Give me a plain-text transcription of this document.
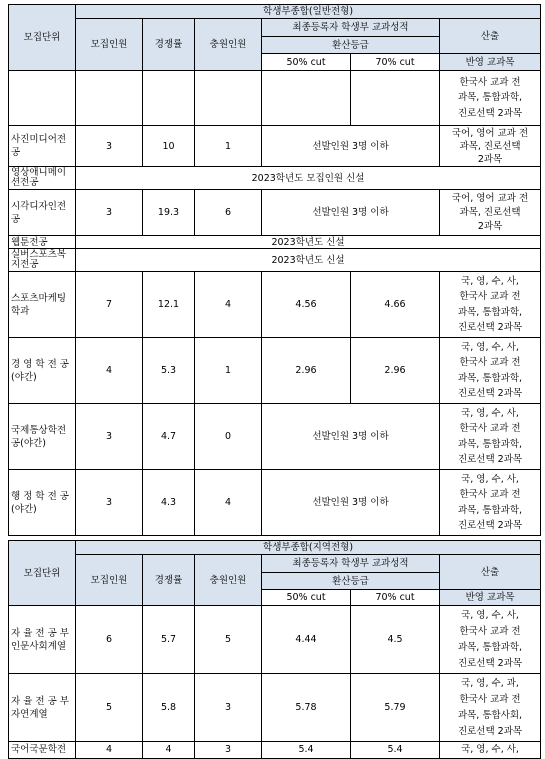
모집단위	학생부종합(일반전형)					
	모집인원	경쟁률	충원인원	최종등록자 학생부 교과성적		산출
				환산등급		
				50% cut	70% cut	반영 교과목
						한국사 교과 전
과목, 통합과학,
진로선택 2과목
사진미디어전
공	3	10	1	선발인원 3명 이하		국어, 영어 교과 전
과목, 진로선택
2과목
영상애니메이
션전공	2023학년도 모집인원 신설					
시각디자인전
공	3	19.3	6	선발인원 3명 이하		국어, 영어 교과 전
과목, 진로선택
2과목
웹툰전공	2023학년도 신설					
실버스포츠복
지전공	2023학년도 신설					
스포츠마케팅
학과	7	12.1	4	4.56	4.66	국, 영, 수, 사,
한국사 교과 전
과목, 통합과학,
진로선택 2과목
경 영 학 전 공
(야간)	4	5.3	1	2.96	2.96	국, 영, 수, 사,
한국사 교과 전
과목, 통합과학,
진로선택 2과목
국제통상학전
공(야간)	3	4.7	0	선발인원 3명 이하		국, 영, 수, 사,
한국사 교과 전
과목, 통합과학,
진로선택 2과목
행 정 학 전 공
(야간)	3	4.3	4	선발인원 3명 이하		국, 영, 수, 사,
한국사 교과 전
과목, 통합과학,
진로선택 2과목
모집단위	학생부종합(지역전형)					
	모집인원	경쟁률	충원인원	최종등록자 학생부 교과성적		산출
				환산등급		
				50% cut	70% cut	반영 교과목
자 율 전 공 부
인문사회계열	6	5.7	5	4.44	4.5	국, 영, 수, 사,
한국사 교과 전
과목, 통합과학,
진로선택 2과목
자 율 전 공 부
자연계열	5	5.8	3	5.78	5.79	국, 영, 수, 과,
한국사 교과 전
과목, 통합사회,
진로선택 2과목
국어국문학전	4	4	3	5.4	5.4	국, 영, 수, 사,
